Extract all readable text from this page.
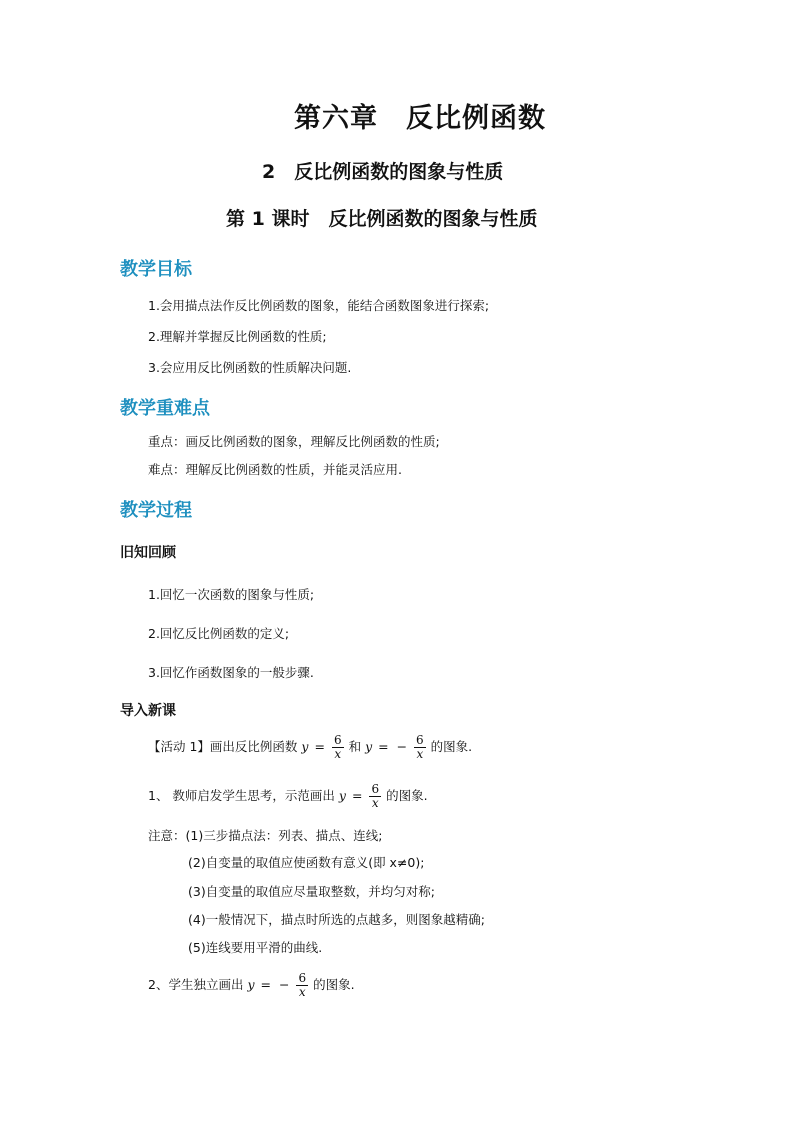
第六章　反比例函数
2　反比例函数的图象与性质
第 1 课时　反比例函数的图象与性质
教学目标
1.会用描点法作反比例函数的图象，能结合函数图象进行探索;
2.理解并掌握反比例函数的性质;
3.会应用反比例函数的性质解决问题.
教学重难点
重点：画反比例函数的图象，理解反比例函数的性质;
难点：理解反比例函数的性质，并能灵活应用.
教学过程
旧知回顾
1.回忆一次函数的图象与性质;
2.回忆反比例函数的定义;
3.回忆作函数图象的一般步骤.
导入新课
【活动 1】画出反比例函数 $y = \frac{6}{x}$ 和 y = − $\frac{6}{x}$ 的图象.
1、 教师启发学生思考，示范画出 $y = \frac{6}{x}$ 的图象.
注意：(1)三步描点法：列表、描点、连线;
(2)自变量的取值应使函数有意义(即 x≠0);
(3)自变量的取值应尽量取整数，并均匀对称;
(4)一般情况下，描点时所选的点越多，则图象越精确;
(5)连线要用平滑的曲线.
2、学生独立画出 y = − $\frac{6}{x}$ 的图象.
